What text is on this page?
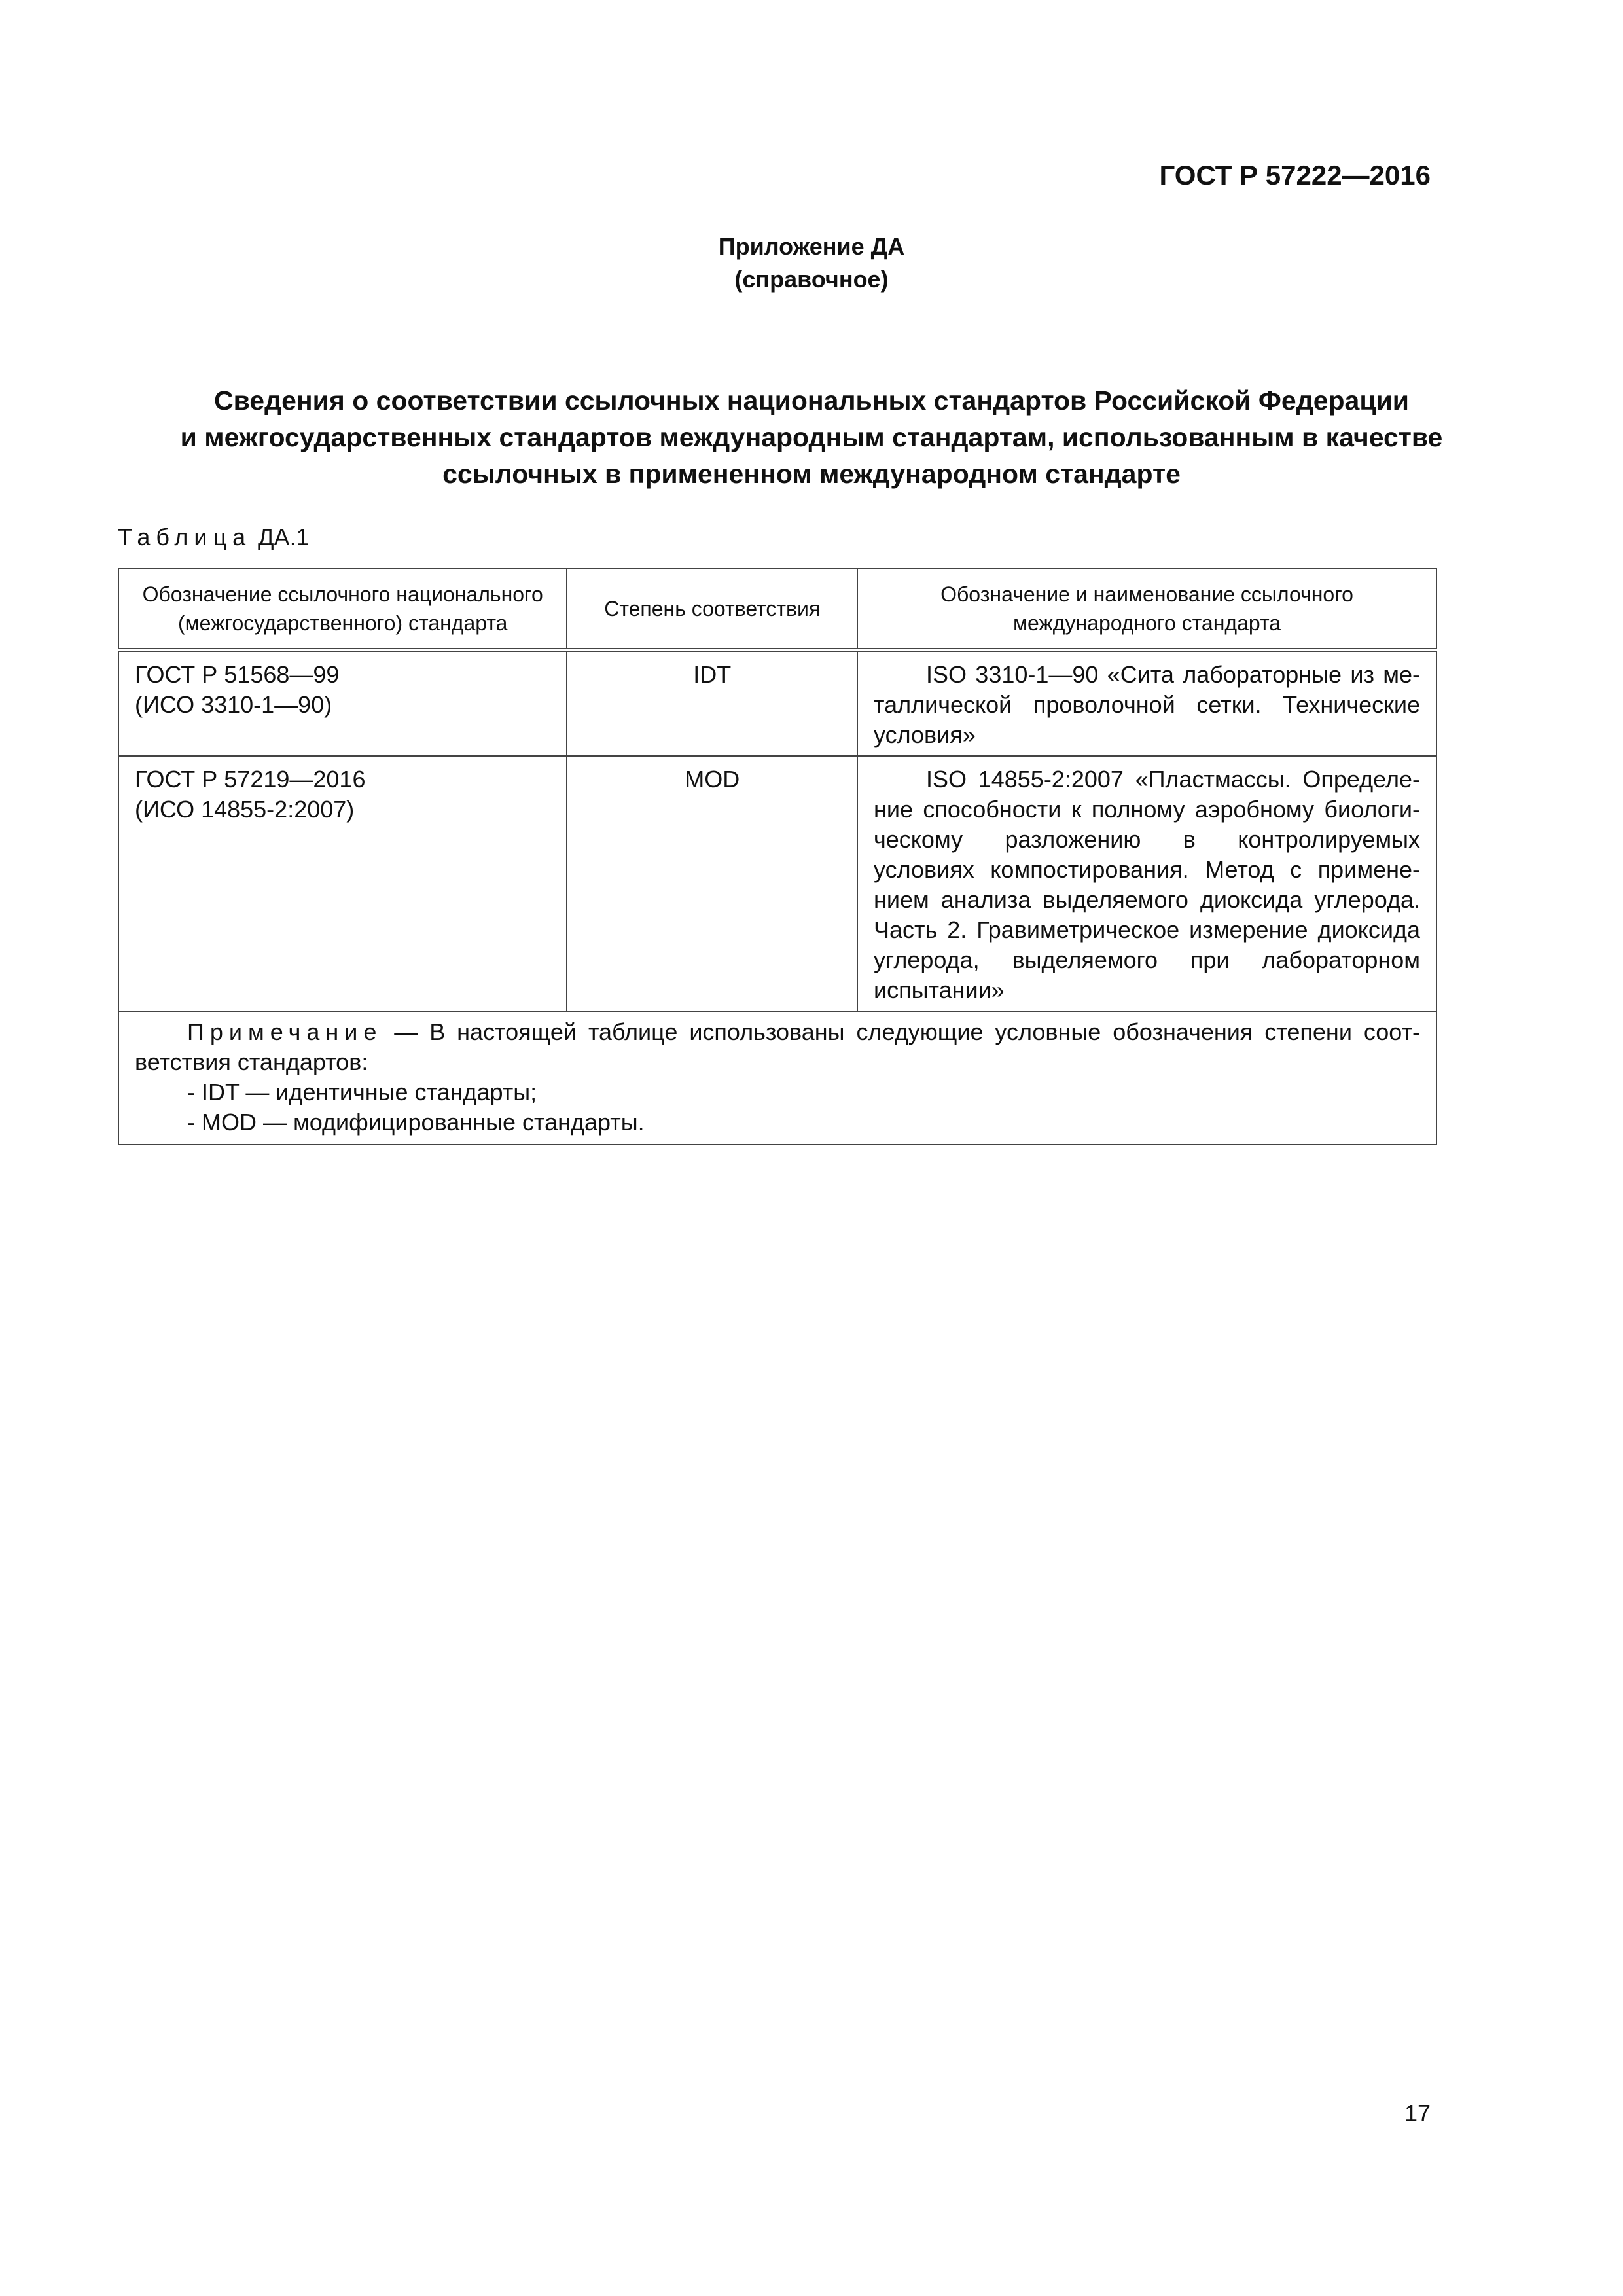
ГОСТ Р 57222—2016
Приложение ДА
(справочное)
Сведения о соответствии ссылочных национальных стандартов Российской Федерации
и межгосударственных стандартов международным стандартам, использованным в качестве
ссылочных в примененном международном стандарте
Таблица ДА.1
Обозначение ссылочного национального
(межгосударственного) стандарта	Степень соответствия	Обозначение и наименование ссылочного
международного стандарта

ГОСТ Р 51568—99
(ИСО 3310-1—90)	IDT	ISO 3310-1—90 «Сита лабораторные из металлической проволочной сетки. Технические условия»

ГОСТ Р 57219—2016
(ИСО 14855-2:2007)	MOD	ISO 14855-2:2007 «Пластмассы. Определение способности к полному аэробному биологическому разложению в контролируемых условиях компостирования. Метод с применением анализа выделяемого диоксида углерода. Часть 2. Гравиметрическое измерение диоксида углерода, выделяемого при лабораторном испытании»

Примечание — В настоящей таблице использованы следующие условные обозначения степени соответствия стандартов:
- IDT — идентичные стандарты;
- MOD — модифицированные стандарты.		
17
